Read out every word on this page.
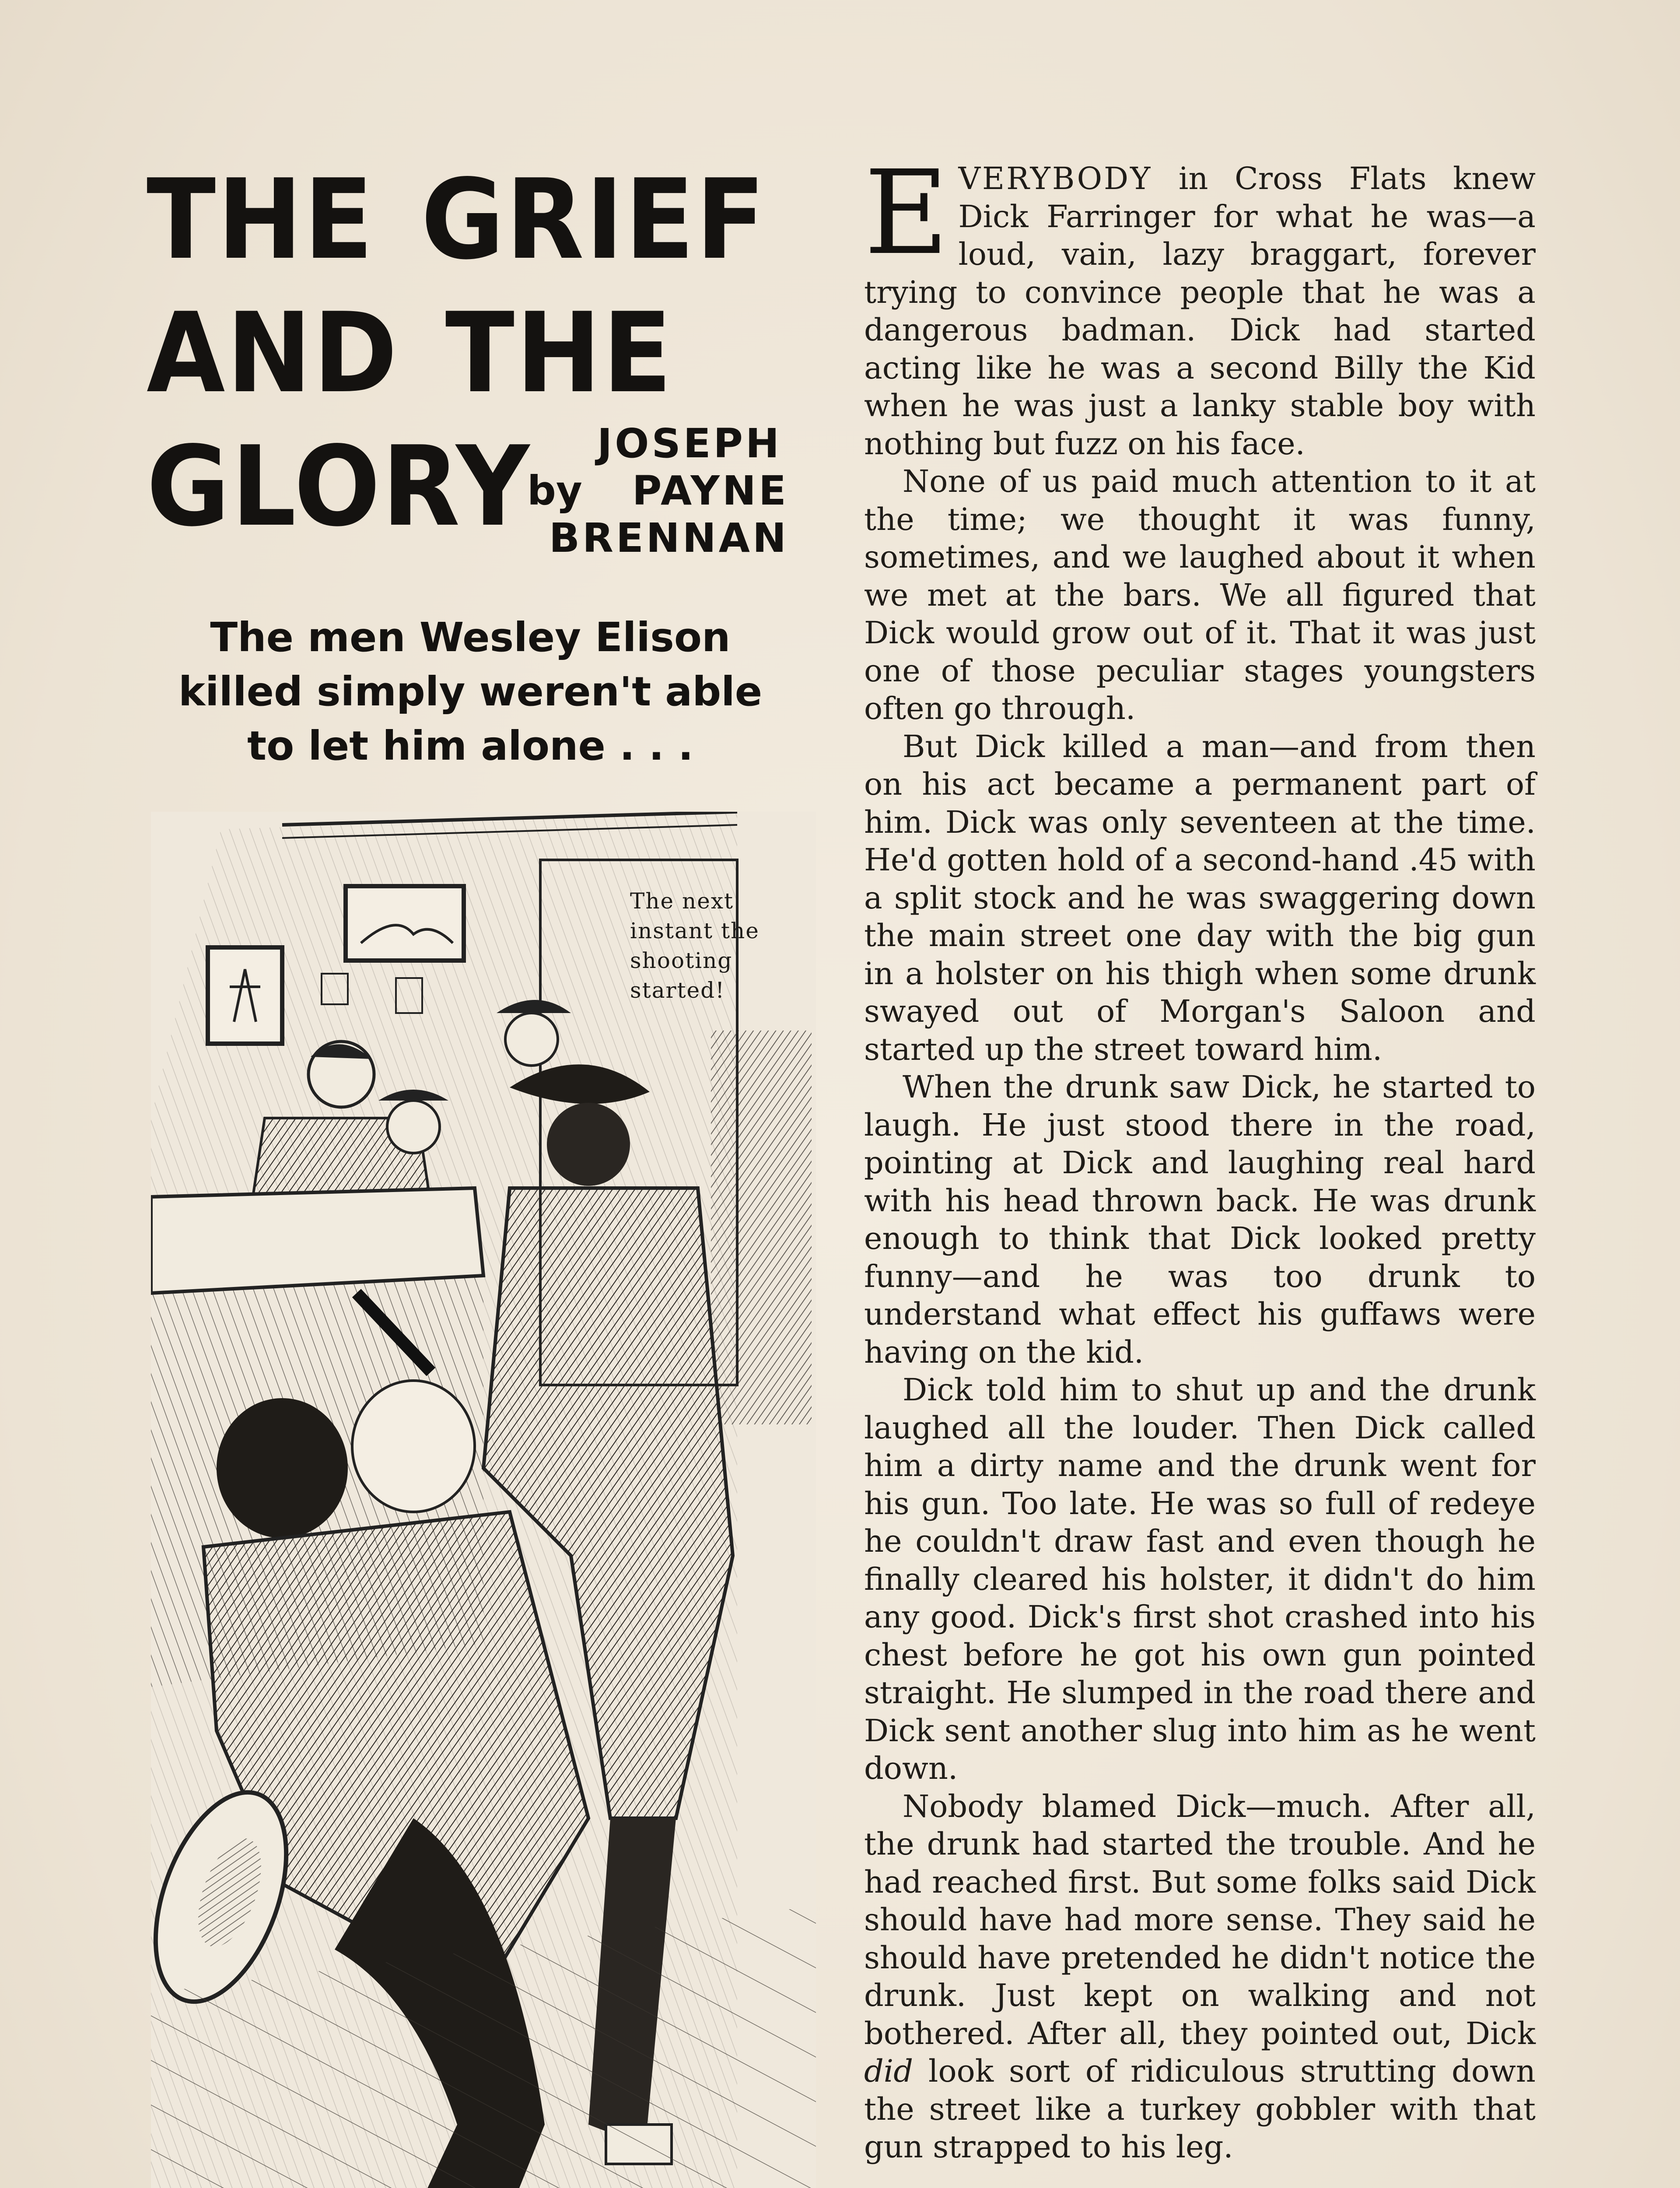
THE GRIEF
AND THE
GLORY	JOSEPH
by PAYNE
BRENNAN
The men Wesley Elison killed simply weren't able to let him alone . . .
The next instant the shooting started!

EVERYBODY in Cross Flats knew Dick Farringer for what he was—a loud, vain, lazy braggart, forever trying to convince people that he was a dangerous badman. Dick had started acting like he was a second Billy the Kid when he was just a lanky stable boy with nothing but fuzz on his face.

None of us paid much attention to it at the time; we thought it was funny, sometimes, and we laughed about it when we met at the bars. We all figured that Dick would grow out of it. That it was just one of those peculiar stages youngsters often go through.

But Dick killed a man—and from then on his act became a permanent part of him. Dick was only seventeen at the time. He'd gotten hold of a second-hand .45 with a split stock and he was swaggering down the main street one day with the big gun in a holster on his thigh when some drunk swayed out of Morgan's Saloon and started up the street toward him.

When the drunk saw Dick, he started to laugh. He just stood there in the road, pointing at Dick and laughing real hard with his head thrown back. He was drunk enough to think that Dick looked pretty funny—and he was too drunk to understand what effect his guffaws were having on the kid.

Dick told him to shut up and the drunk laughed all the louder. Then Dick called him a dirty name and the drunk went for his gun. Too late. He was so full of redeye he couldn't draw fast and even though he finally cleared his holster, it didn't do him any good. Dick's first shot crashed into his chest before he got his own gun pointed straight. He slumped in the road there and Dick sent another slug into him as he went down.

Nobody blamed Dick—much. After all, the drunk had started the trouble. And he had reached first. But some folks said Dick should have had more sense. They said he should have pretended he didn't notice the drunk. Just kept on walking and not bothered. After all, they pointed out, Dick did look sort of ridiculous strutting down the street like a turkey gobbler with that gun strapped to his leg.
